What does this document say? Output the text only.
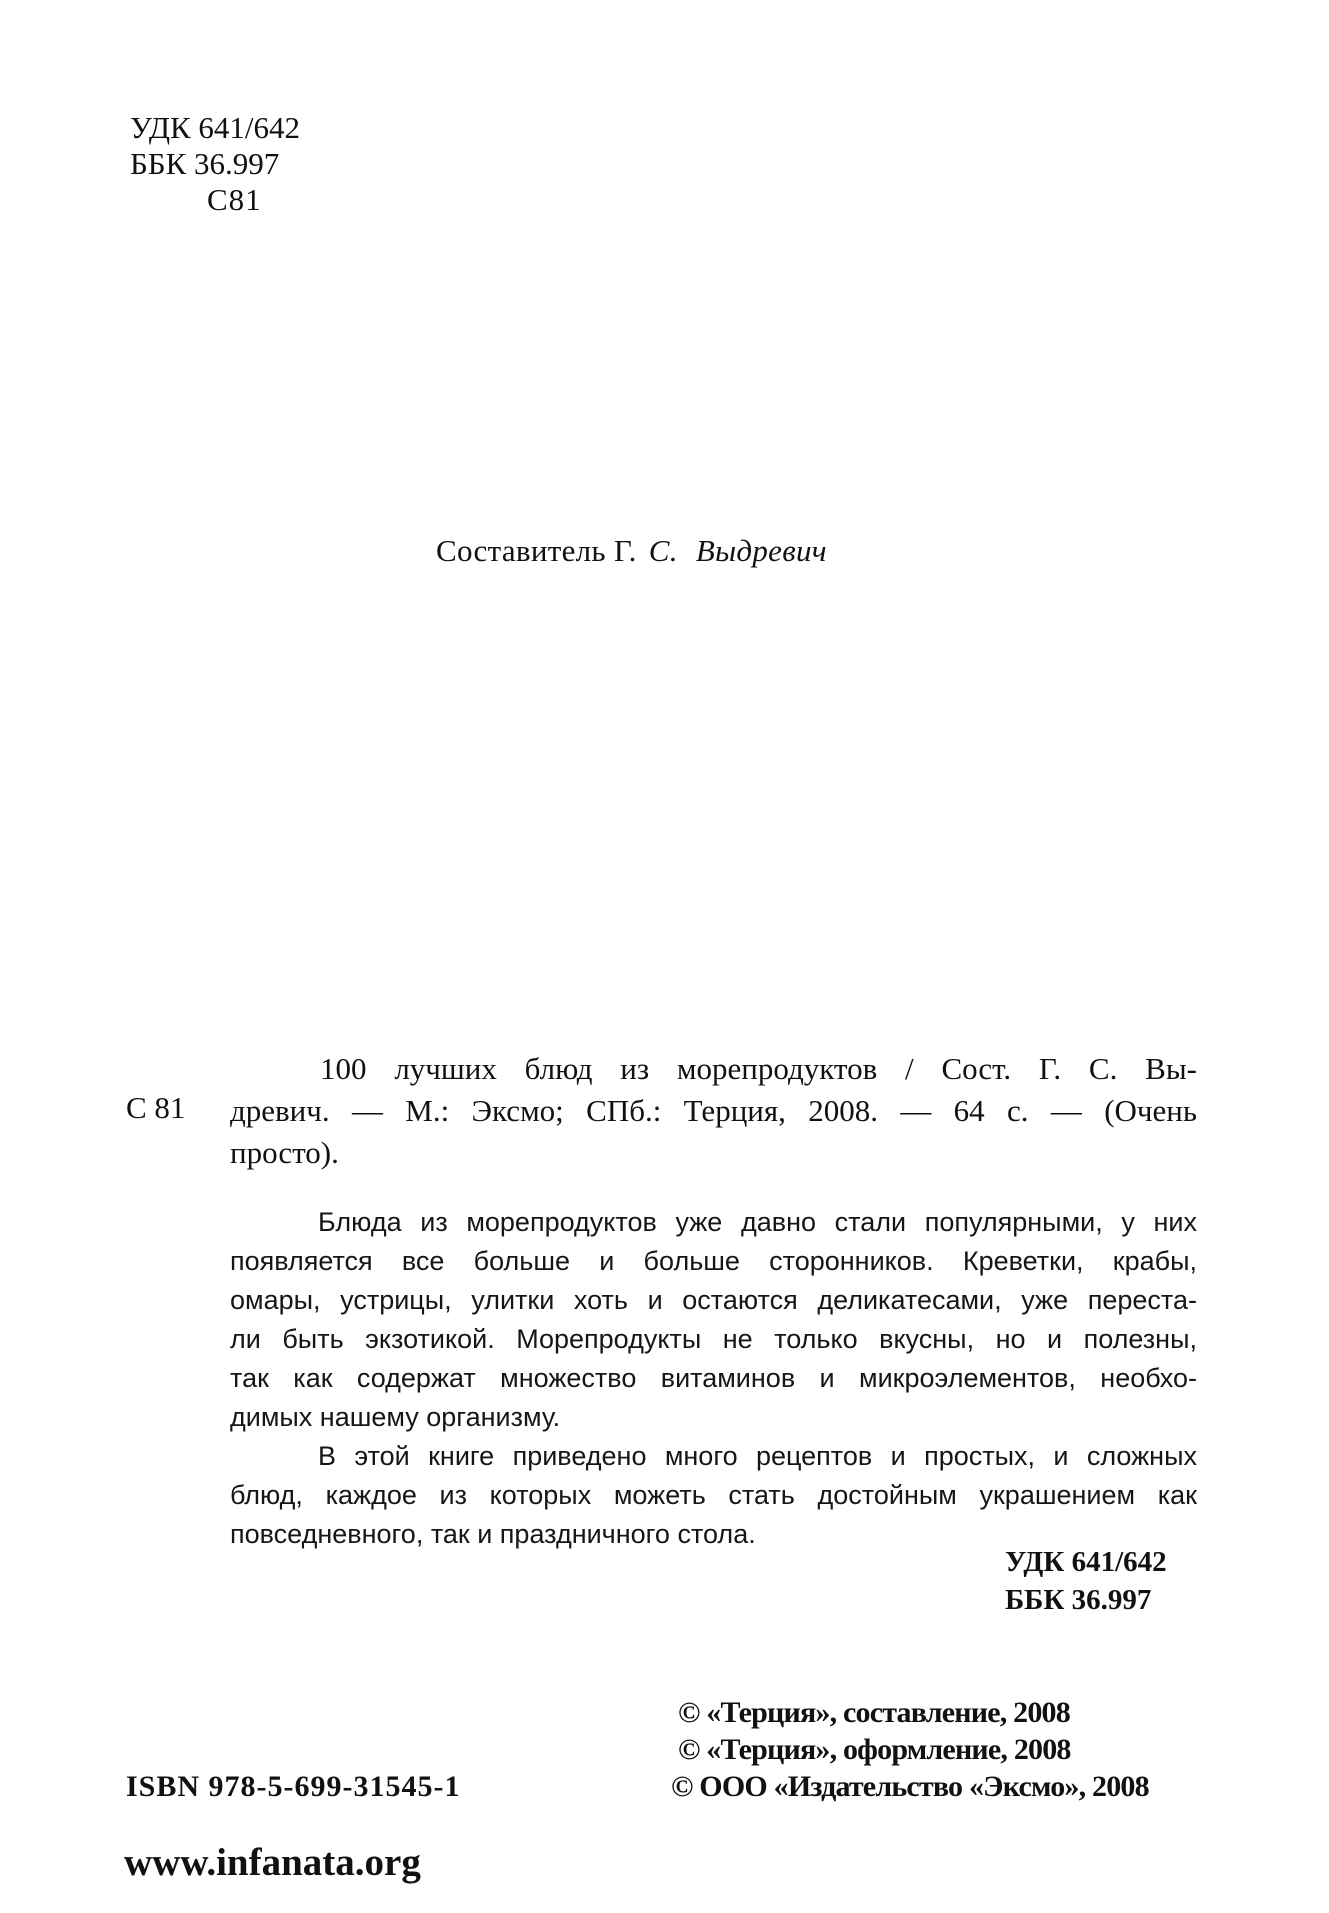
УДК 641/642
ББК 36.997
С81
Составитель Г. С. Выдревич
С 81
100 лучших блюд из морепродуктов / Сост. Г. С. Вы-
древич. — М.: Эксмо; СПб.: Терция, 2008. — 64 с. — (Очень
просто).
Блюда из морепродуктов уже давно стали популярными, у них
появляется все больше и больше сторонников. Креветки, крабы,
омары, устрицы, улитки хоть и остаются деликатесами, уже переста-
ли быть экзотикой. Морепродукты не только вкусны, но и полезны,
так как содержат множество витаминов и микроэлементов, необхо-
димых нашему организму.
В этой книге приведено много рецептов и простых, и сложных
блюд, каждое из которых можеть стать достойным украшением как
повседневного, так и праздничного стола.
УДК 641/642
ББК 36.997
© «Терция», составление, 2008
© «Терция», оформление, 2008
© ООО «Издательство «Эксмо», 2008
ISBN 978-5-699-31545-1
www.infanata.org
